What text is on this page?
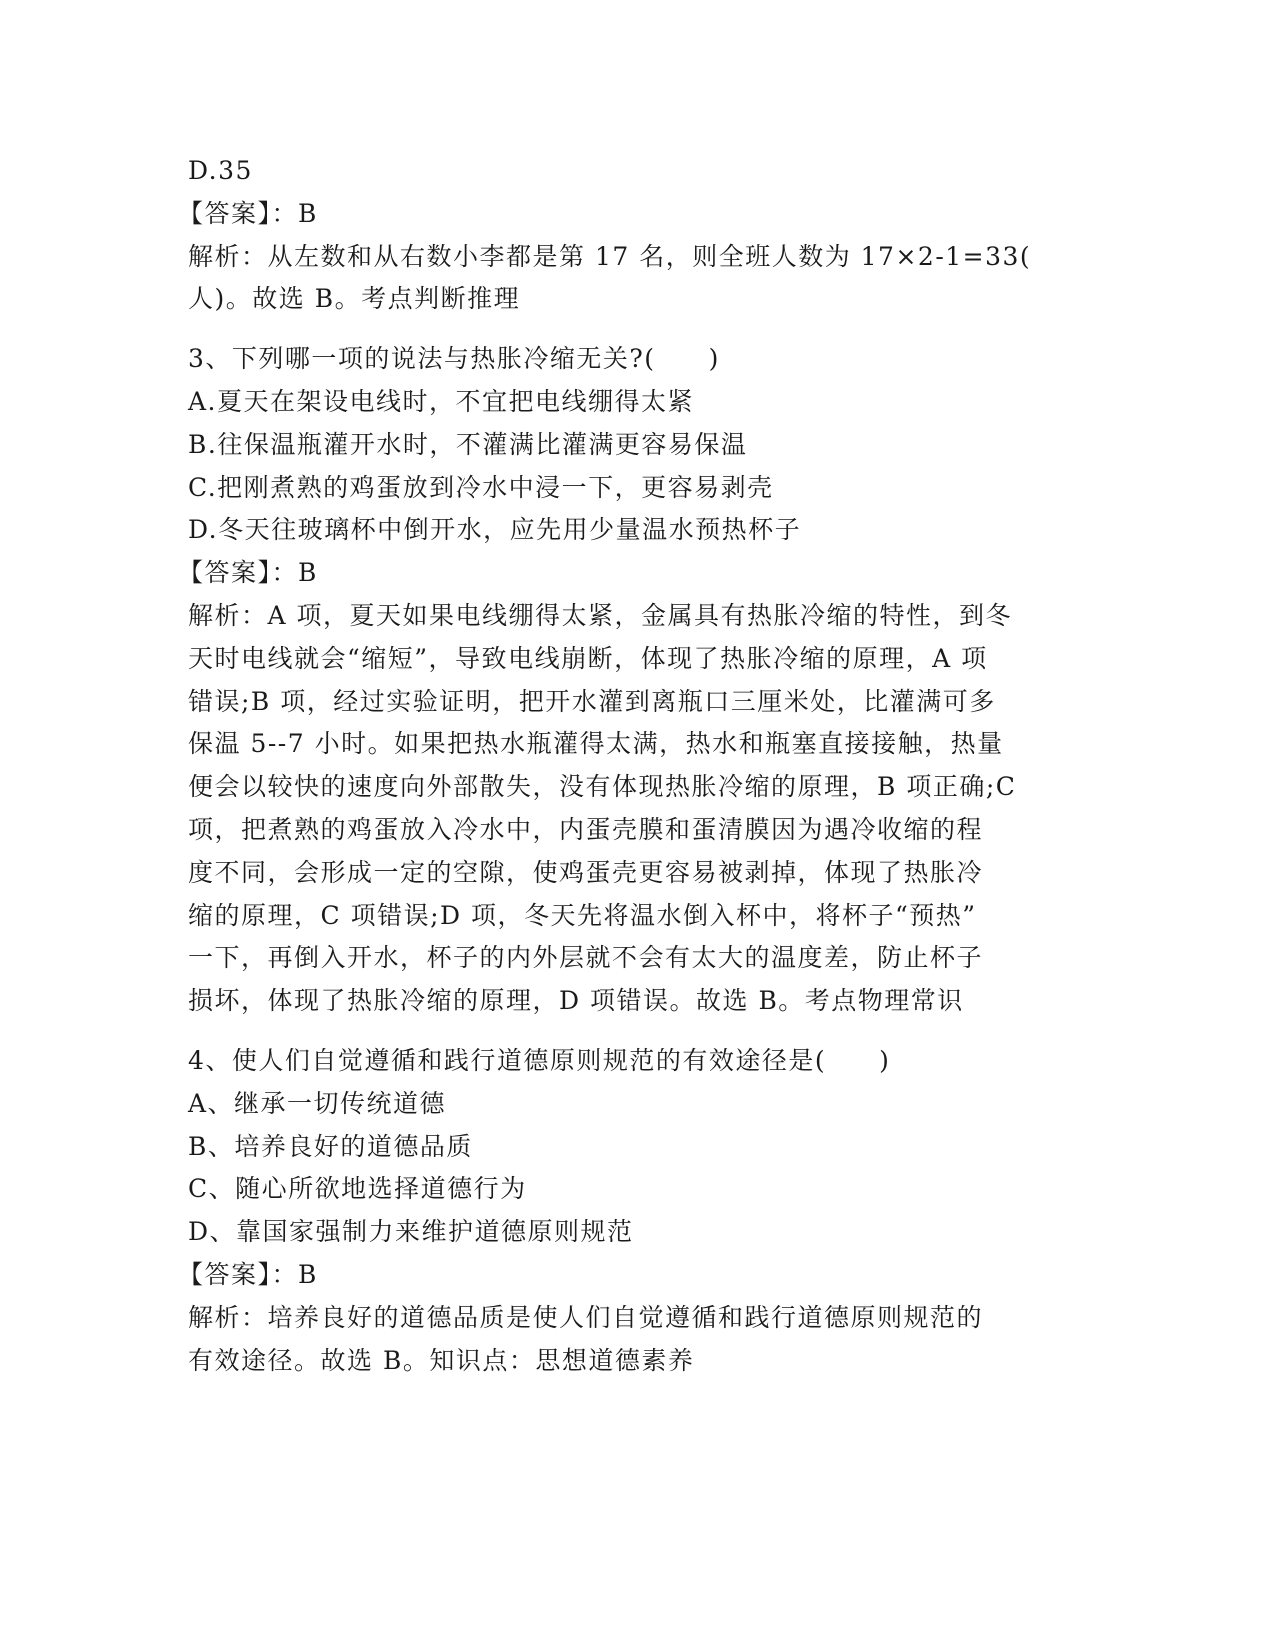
D.35
【答案】：B
解析：从左数和从右数小李都是第 17 名，则全班人数为 17×2-1=33(
人)。故选 B。考点判断推理
3、下列哪一项的说法与热胀冷缩无关?(　　)
A.夏天在架设电线时，不宜把电线绷得太紧
B.往保温瓶灌开水时，不灌满比灌满更容易保温
C.把刚煮熟的鸡蛋放到冷水中浸一下，更容易剥壳
D.冬天往玻璃杯中倒开水，应先用少量温水预热杯子
【答案】：B
解析：A 项，夏天如果电线绷得太紧，金属具有热胀冷缩的特性，到冬
天时电线就会“缩短”，导致电线崩断，体现了热胀冷缩的原理，A 项
错误;B 项，经过实验证明，把开水灌到离瓶口三厘米处，比灌满可多
保温 5--7 小时。如果把热水瓶灌得太满，热水和瓶塞直接接触，热量
便会以较快的速度向外部散失，没有体现热胀冷缩的原理，B 项正确;C
项，把煮熟的鸡蛋放入冷水中，内蛋壳膜和蛋清膜因为遇冷收缩的程
度不同，会形成一定的空隙，使鸡蛋壳更容易被剥掉，体现了热胀冷
缩的原理，C 项错误;D 项，冬天先将温水倒入杯中，将杯子“预热”
一下，再倒入开水，杯子的内外层就不会有太大的温度差，防止杯子
损坏，体现了热胀冷缩的原理，D 项错误。故选 B。考点物理常识
4、使人们自觉遵循和践行道德原则规范的有效途径是(　　)
A、继承一切传统道德
B、培养良好的道德品质
C、随心所欲地选择道德行为
D、靠国家强制力来维护道德原则规范
【答案】：B
解析：培养良好的道德品质是使人们自觉遵循和践行道德原则规范的
有效途径。故选 B。知识点：思想道德素养
